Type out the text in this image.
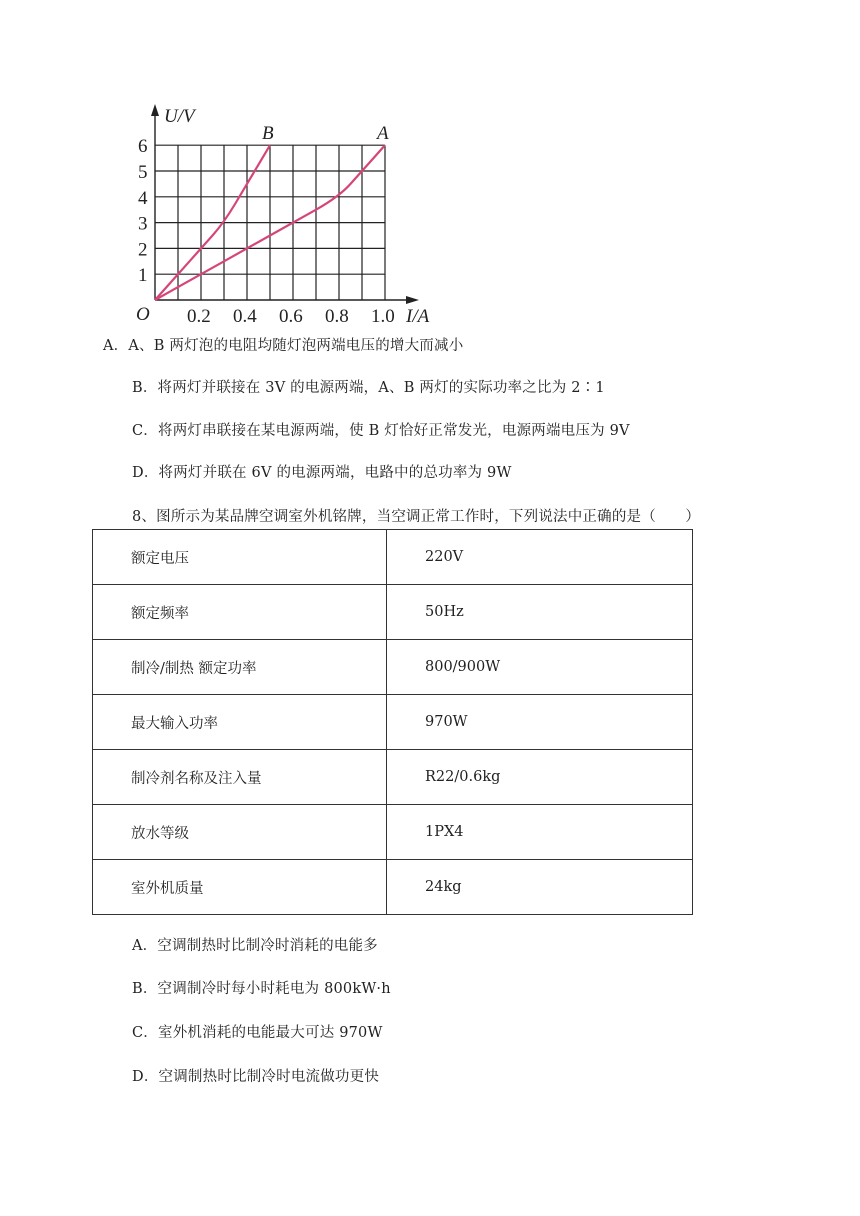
0.2 0.4 0.6 0.8 1.0
1
2
3
4
5
6
O
U/V
I/A
B	A
A．A、B 两灯泡的电阻均随灯泡两端电压的增大而减小
B．将两灯并联接在 3V 的电源两端，A、B 两灯的实际功率之比为 2∶1
C．将两灯串联接在某电源两端，使 B 灯恰好正常发光，电源两端电压为 9V
D．将两灯并联在 6V 的电源两端，电路中的总功率为 9W
8、图所示为某品牌空调室外机铭牌，当空调正常工作时，下列说法中正确的是（　　）
额定电压	220V
额定频率	50Hz
制冷/制热 额定功率	800/900W
最大输入功率	970W
制冷剂名称及注入量	R22/0.6kg
放水等级	1PX4
室外机质量	24kg
A．空调制热时比制冷时消耗的电能多
B．空调制冷时每小时耗电为 800kW·h
C．室外机消耗的电能最大可达 970W
D．空调制热时比制冷时电流做功更快
